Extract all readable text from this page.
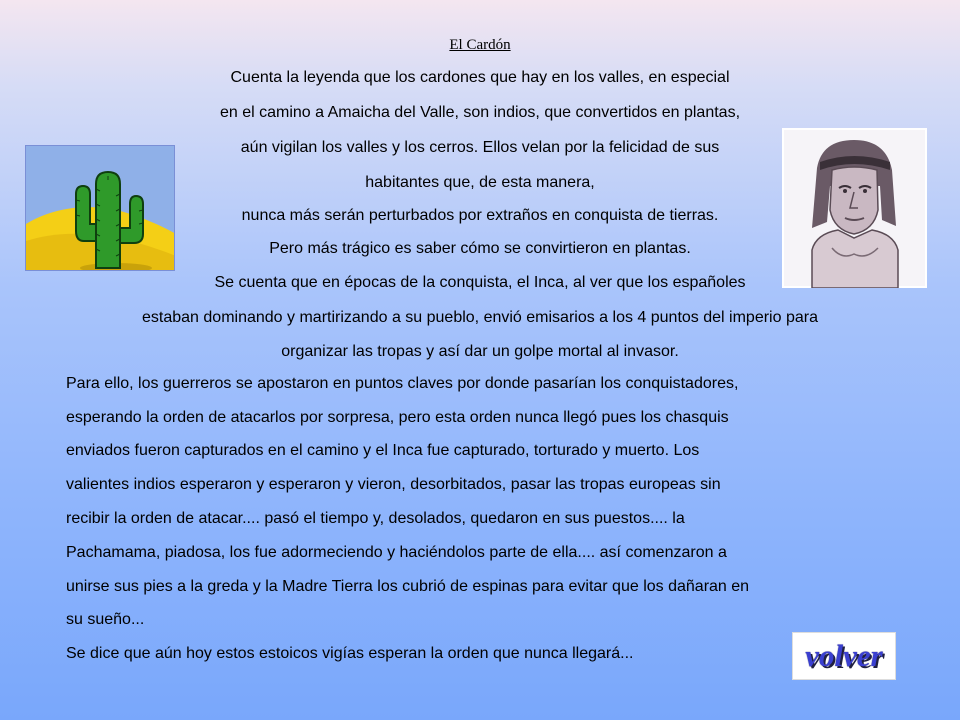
El Cardón
Cuenta la leyenda que los cardones que hay en los valles, en especial
en el camino a Amaicha del Valle, son indios, que convertidos en plantas,
aún vigilan los valles y los cerros. Ellos velan por la felicidad de sus
habitantes que, de esta manera,
nunca más serán perturbados por extraños en conquista de tierras.
Pero más trágico es saber cómo se convirtieron en plantas.
Se cuenta que en épocas de la conquista, el Inca, al ver que los españoles
estaban dominando y martirizando a su pueblo, envió emisarios a los 4 puntos del imperio para
organizar las tropas y así dar un golpe mortal al invasor.
Para ello, los guerreros se apostaron en puntos claves por donde pasarían los conquistadores,
esperando la orden de atacarlos por sorpresa, pero esta orden nunca llegó pues los chasquis
enviados fueron capturados en el camino y el Inca fue capturado, torturado y muerto. Los
valientes indios esperaron y esperaron y vieron, desorbitados, pasar las tropas europeas sin
recibir la orden de atacar.... pasó el tiempo y, desolados, quedaron en sus puestos.... la
Pachamama, piadosa, los fue adormeciendo y haciéndolos parte de ella.... así comenzaron a
unirse sus pies a la greda y la Madre Tierra los cubrió de espinas para evitar que los dañaran en
su sueño...
Se dice que aún hoy estos estoicos vigías esperan la orden que nunca llegará...	volver
